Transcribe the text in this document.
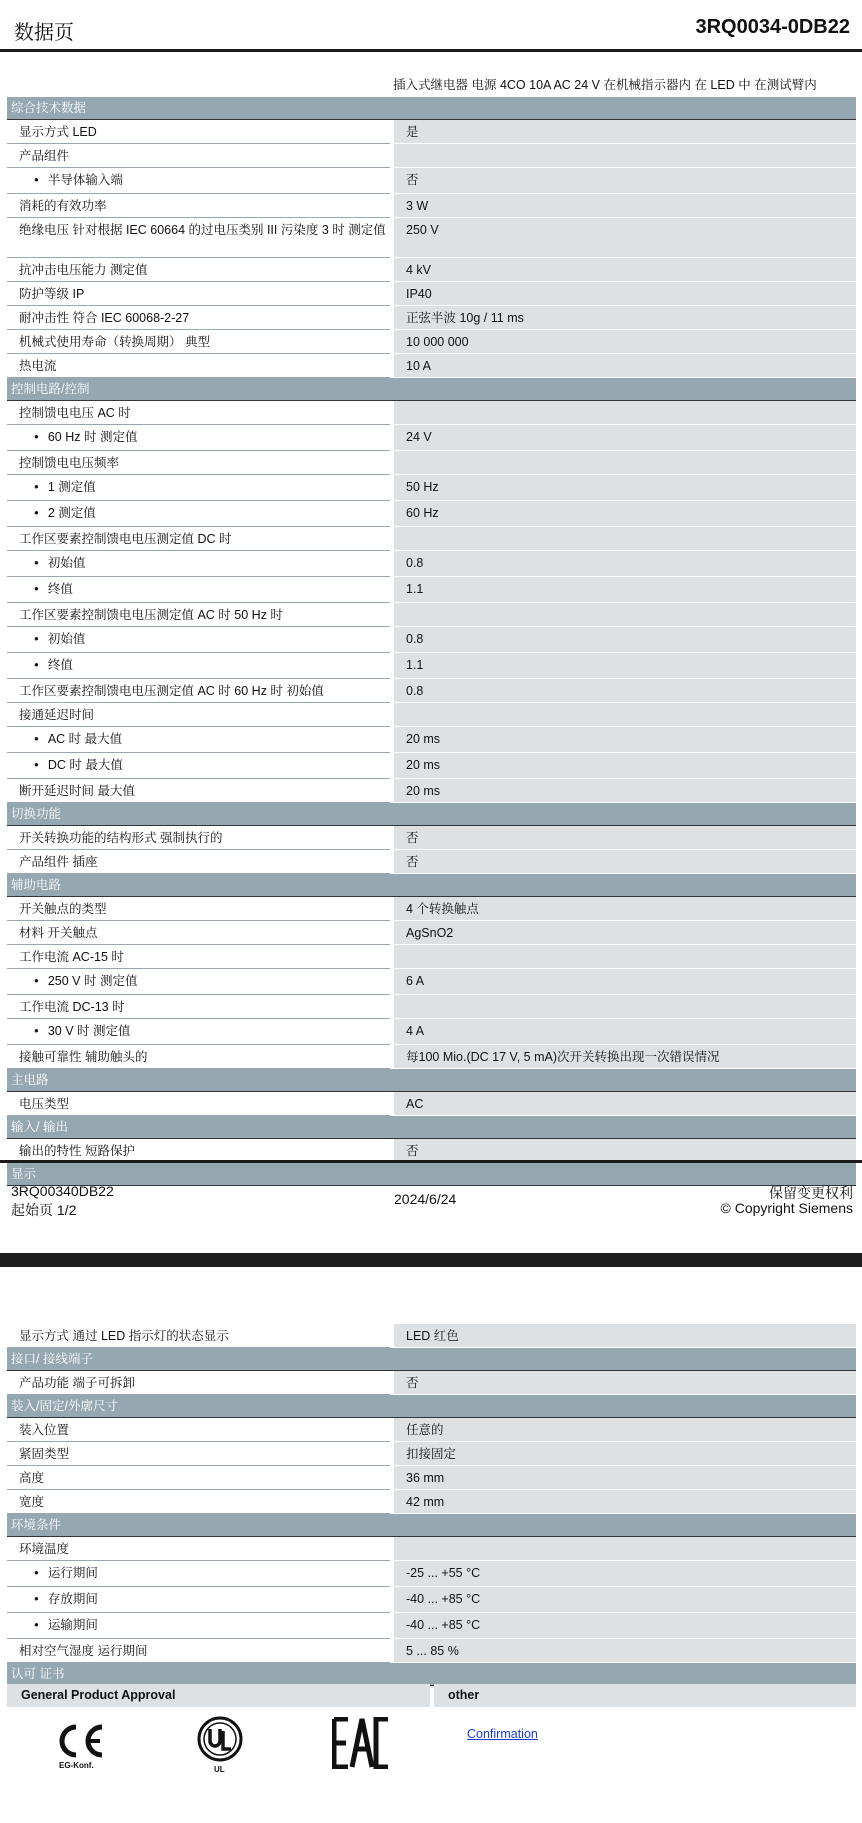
数据页	3RQ0034-0DB22
插入式继电器 电源 4CO 10A AC 24 V 在机械指示器内 在 LED 中 在测试臂内
综合技术数据
显示方式 LED	是
产品组件
● 半导体输入端	否
消耗的有效功率	3 W
绝缘电压 针对根据 IEC 60664 的过电压类别 III 污染度 3 时 测定值	250 V
抗冲击电压能力 测定值	4 kV
防护等级 IP	IP40
耐冲击性 符合 IEC 60068-2-27	正弦半波 10g / 11 ms
机械式使用寿命（转换周期） 典型	10 000 000
热电流	10 A
控制电路/控制
控制馈电电压 AC 时
● 60 Hz 时 测定值	24 V
控制馈电电压频率
● 1 测定值	50 Hz
● 2 测定值	60 Hz
工作区要素控制馈电电压测定值 DC 时
● 初始值	0.8
● 终值	1.1
工作区要素控制馈电电压测定值 AC 时 50 Hz 时
● 初始值	0.8
● 终值	1.1
工作区要素控制馈电电压测定值 AC 时 60 Hz 时 初始值	0.8
接通延迟时间
● AC 时 最大值	20 ms
● DC 时 最大值	20 ms
断开延迟时间 最大值	20 ms
切换功能
开关转换功能的结构形式 强制执行的	否
产品组件 插座	否
辅助电路
开关触点的类型	4 个转换触点
材料 开关触点	AgSnO2
工作电流 AC-15 时
● 250 V 时 测定值	6 A
工作电流 DC-13 时
● 30 V 时 测定值	4 A
接触可靠性 辅助触头的	每100 Mio.(DC 17 V, 5 mA)次开关转换出现一次错误情况
主电路
电压类型	AC
输入/ 输出
输出的特性 短路保护	否
显示
3RQ00340DB22
起始页 1/2
2024/6/24	保留变更权利
© Copyright Siemens
显示方式 通过 LED 指示灯的状态显示	LED 红色
接口/ 接线端子
产品功能 端子可拆卸	否
装入/固定/外廓尺寸
装入位置	任意的
紧固类型	扣接固定
高度	36 mm
宽度	42 mm
环境条件
环境温度
● 运行期间	-25 ... +55 °C
● 存放期间	-40 ... +85 °C
● 运输期间	-40 ... +85 °C
相对空气湿度 运行期间	5 ... 85 %
认可 证书
General Product Approval	other
EG-Konf.	UL
Confirmation
